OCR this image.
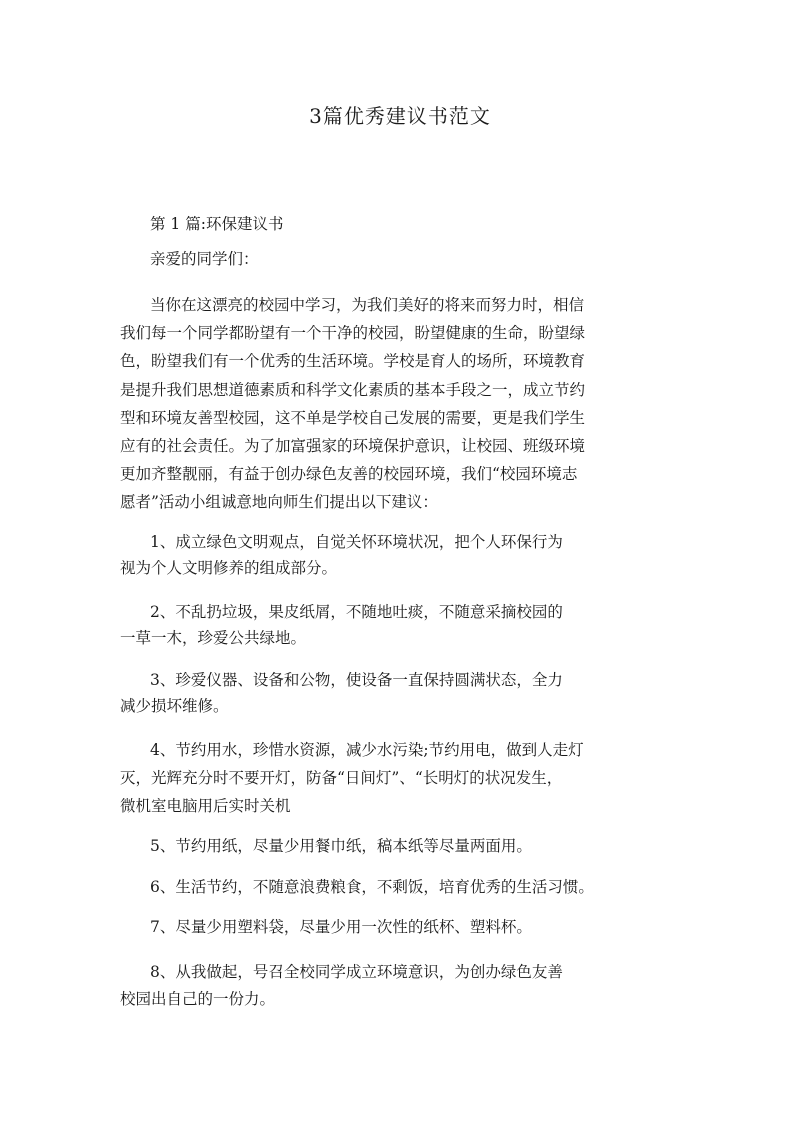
3篇优秀建议书范文
第 1 篇:环保建议书
亲爱的同学们：
当你在这漂亮的校园中学习，为我们美好的将来而努力时，相信
我们每一个同学都盼望有一个干净的校园，盼望健康的生命，盼望绿
色，盼望我们有一个优秀的生活环境。学校是育人的场所，环境教育
是提升我们思想道德素质和科学文化素质的基本手段之一，成立节约
型和环境友善型校园，这不单是学校自己发展的需要，更是我们学生
应有的社会责任。为了加富强家的环境保护意识，让校园、班级环境
更加齐整靓丽，有益于创办绿色友善的校园环境，我们“校园环境志
愿者”活动小组诚意地向师生们提出以下建议：
1、成立绿色文明观点，自觉关怀环境状况，把个人环保行为
视为个人文明修养的组成部分。
2、不乱扔垃圾，果皮纸屑，不随地吐痰，不随意采摘校园的
一草一木，珍爱公共绿地。
3、珍爱仪器、设备和公物，使设备一直保持圆满状态，全力
减少损坏维修。
4、节约用水，珍惜水资源，减少水污染;节约用电，做到人走灯
灭，光辉充分时不要开灯，防备“日间灯”、“长明灯的状况发生，
微机室电脑用后实时关机
5、节约用纸，尽量少用餐巾纸，稿本纸等尽量两面用。
6、生活节约，不随意浪费粮食，不剩饭，培育优秀的生活习惯。
7、尽量少用塑料袋，尽量少用一次性的纸杯、塑料杯。
8、从我做起，号召全校同学成立环境意识，为创办绿色友善
校园出自己的一份力。
